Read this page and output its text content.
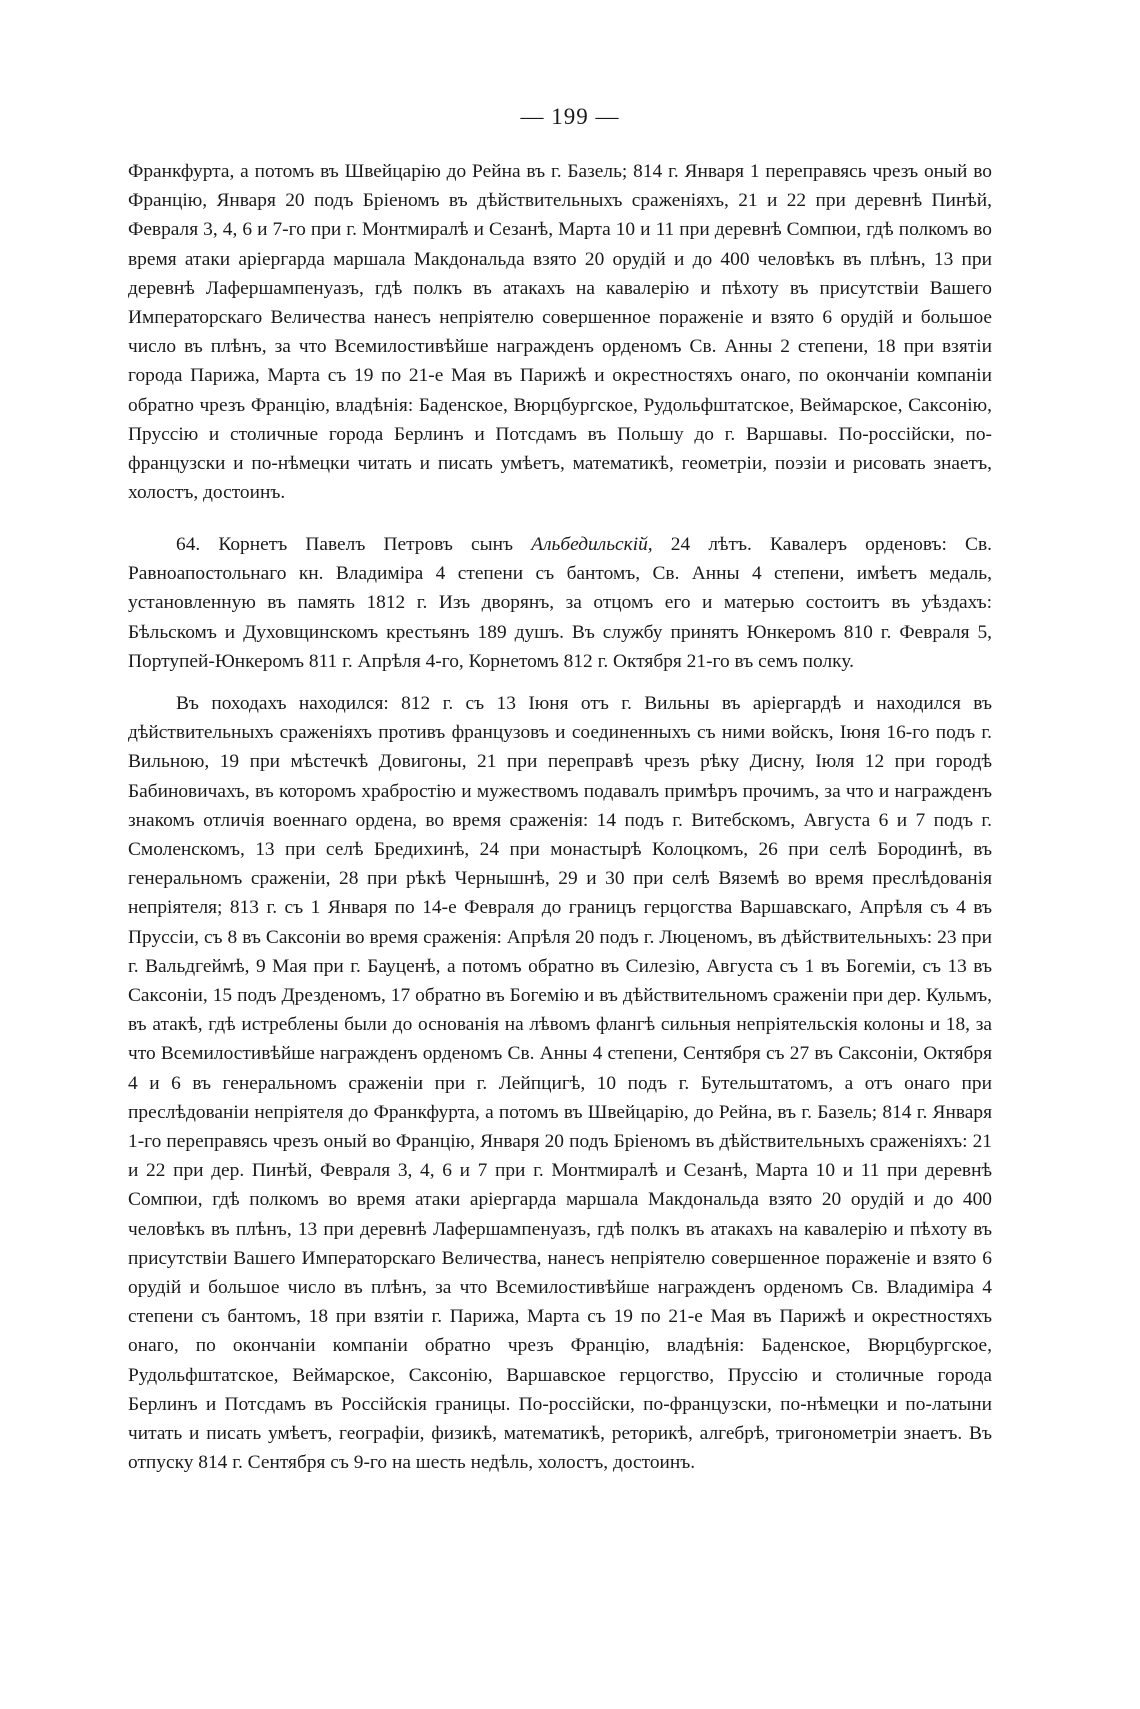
— 199 —

Франкфурта, а потомъ въ Швейцарію до Рейна въ г. Базель; 814 г. Января 1 переправясь чрезъ оный во Францію, Января 20 подъ Бріеномъ въ дѣйствительныхъ сраженіяхъ, 21 и 22 при деревнѣ Пинѣй, Февраля 3, 4, 6 и 7-го при г. Монтмиралѣ и Сезанѣ, Марта 10 и 11 при деревнѣ Сомпюи, гдѣ полкомъ во время атаки аріергарда маршала Макдональда взято 20 орудій и до 400 человѣкъ въ плѣнъ, 13 при деревнѣ Лафершампенуазъ, гдѣ полкъ въ атакахъ на кавалерію и пѣхоту въ присутствіи Вашего Императорскаго Величества нанесъ непріятелю совершенное пораженіе и взято 6 орудій и большое число въ плѣнъ, за что Всемилостивѣйше награжденъ орденомъ Св. Анны 2 степени, 18 при взятіи города Парижа, Марта съ 19 по 21-е Мая въ Парижѣ и окрестностяхъ онаго, по окончаніи компаніи обратно чрезъ Францію, владѣнія: Баденское, Вюрцбургское, Рудольфштатское, Веймарское, Саксонію, Пруссію и столичные города Берлинъ и Потсдамъ въ Польшу до г. Варшавы. По-россійски, по-французски и по-нѣмецки читать и писать умѣетъ, математикѣ, геометріи, поэзіи и рисовать знаетъ, холостъ, достоинъ.

64. Корнетъ Павелъ Петровъ сынъ Альбедильскій, 24 лѣтъ. Кавалеръ орденовъ: Св. Равноапостольнаго кн. Владиміра 4 степени съ бантомъ, Св. Анны 4 степени, имѣетъ медаль, установленную въ память 1812 г. Изъ дворянъ, за отцомъ его и матерью состоитъ въ уѣздахъ: Бѣльскомъ и Духовщинскомъ крестьянъ 189 душъ. Въ службу принятъ Юнкеромъ 810 г. Февраля 5, Портупей-Юнкеромъ 811 г. Апрѣля 4-го, Корнетомъ 812 г. Октября 21-го въ семъ полку.

Въ походахъ находился: 812 г. съ 13 Іюня отъ г. Вильны въ аріергардѣ и находился въ дѣйствительныхъ сраженіяхъ противъ французовъ и соединенныхъ съ ними войскъ, Іюня 16-го подъ г. Вильною, 19 при мѣстечкѣ Довигоны, 21 при переправѣ чрезъ рѣку Дисну, Іюля 12 при городѣ Бабиновичахъ, въ которомъ храбростію и мужествомъ подавалъ примѣръ прочимъ, за что и награжденъ знакомъ отличія военнаго ордена, во время сраженія: 14 подъ г. Витебскомъ, Августа 6 и 7 подъ г. Смоленскомъ, 13 при селѣ Бредихинѣ, 24 при монастырѣ Колоцкомъ, 26 при селѣ Бородинѣ, въ генеральномъ сраженіи, 28 при рѣкѣ Чернышнѣ, 29 и 30 при селѣ Вяземѣ во время преслѣдованія непріятеля; 813 г. съ 1 Января по 14-е Февраля до границъ герцогства Варшавскаго, Апрѣля съ 4 въ Пруссіи, съ 8 въ Саксоніи во время сраженія: Апрѣля 20 подъ г. Люценомъ, въ дѣйствительныхъ: 23 при г. Вальдгеймѣ, 9 Мая при г. Бауценѣ, а потомъ обратно въ Силезію, Августа съ 1 въ Богеміи, съ 13 въ Саксоніи, 15 подъ Дрезденомъ, 17 обратно въ Богемію и въ дѣйствительномъ сраженіи при дер. Кульмъ, въ атакѣ, гдѣ истреблены были до основанія на лѣвомъ флангѣ сильныя непріятельскія колоны и 18, за что Всемилостивѣйше награжденъ орденомъ Св. Анны 4 степени, Сентября съ 27 въ Саксоніи, Октября 4 и 6 въ генеральномъ сраженіи при г. Лейпцигѣ, 10 подъ г. Бутельштатомъ, а отъ онаго при преслѣдованіи непріятеля до Франкфурта, а потомъ въ Швейцарію, до Рейна, въ г. Базель; 814 г. Января 1-го переправясь чрезъ оный во Францію, Января 20 подъ Бріеномъ въ дѣйствительныхъ сраженіяхъ: 21 и 22 при дер. Пинѣй, Февраля 3, 4, 6 и 7 при г. Монтмиралѣ и Сезанѣ, Марта 10 и 11 при деревнѣ Сомпюи, гдѣ полкомъ во время атаки аріергарда маршала Макдональда взято 20 орудій и до 400 человѣкъ въ плѣнъ, 13 при деревнѣ Лафершампенуазъ, гдѣ полкъ въ атакахъ на кавалерію и пѣхоту въ присутствіи Вашего Императорскаго Величества, нанесъ непріятелю совершенное пораженіе и взято 6 орудій и большое число въ плѣнъ, за что Всемилостивѣйше награжденъ орденомъ Св. Владиміра 4 степени съ бантомъ, 18 при взятіи г. Парижа, Марта съ 19 по 21-е Мая въ Парижѣ и окрестностяхъ онаго, по окончаніи компаніи обратно чрезъ Францію, владѣнія: Баденское, Вюрцбургское, Рудольфштатское, Веймарское, Саксонію, Варшавское герцогство, Пруссію и столичные города Берлинъ и Потсдамъ въ Россійскія границы. По-россійски, по-французски, по-нѣмецки и по-латыни читать и писать умѣетъ, географіи, физикѣ, математикѣ, реторикѣ, алгебрѣ, тригонометріи знаетъ. Въ отпуску 814 г. Сентября съ 9-го на шесть недѣль, холостъ, достоинъ.
